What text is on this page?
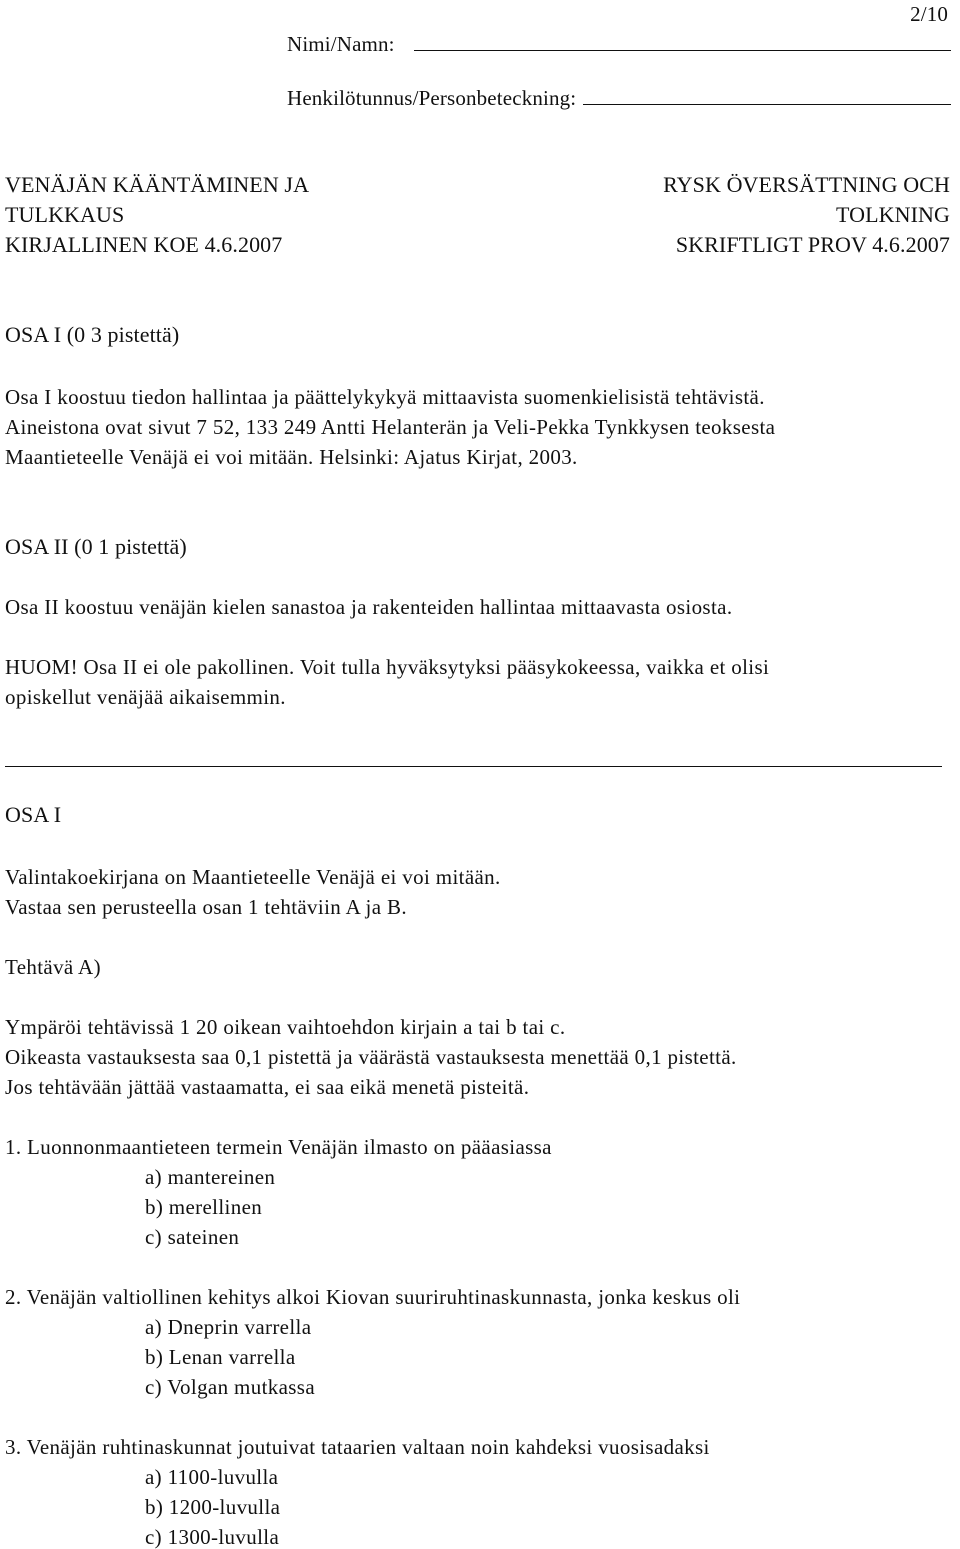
2/10
Nimi/Namn:
Henkilötunnus/Personbeteckning:
VENÄJÄN KÄÄNTÄMINEN JA
TULKKAUS
KIRJALLINEN KOE 4.6.2007
RYSK ÖVERSÄTTNING OCH
TOLKNING
SKRIFTLIGT PROV 4.6.2007
OSA I (0 3 pistettä)
Osa I koostuu tiedon hallintaa ja päättelykykyä mittaavista suomenkielisistä tehtävistä.
Aineistona ovat sivut 7 52, 133 249 Antti Helanterän ja Veli-Pekka Tynkkysen teoksesta
Maantieteelle Venäjä ei voi mitään. Helsinki: Ajatus Kirjat, 2003.
OSA II (0 1 pistettä)
Osa II koostuu venäjän kielen sanastoa ja rakenteiden hallintaa mittaavasta osiosta.
HUOM! Osa II ei ole pakollinen. Voit tulla hyväksytyksi pääsykokeessa, vaikka et olisi
opiskellut venäjää aikaisemmin.
OSA I
Valintakoekirjana on Maantieteelle Venäjä ei voi mitään.
Vastaa sen perusteella osan 1 tehtäviin A ja B.
Tehtävä A)
Ympäröi tehtävissä 1 20 oikean vaihtoehdon kirjain a tai b tai c.
Oikeasta vastauksesta saa 0,1 pistettä ja väärästä vastauksesta menettää 0,1 pistettä.
Jos tehtävään jättää vastaamatta, ei saa eikä menetä pisteitä.
1. Luonnonmaantieteen termein Venäjän ilmasto on pääasiassa
a) mantereinen
b) merellinen
c) sateinen
2. Venäjän valtiollinen kehitys alkoi Kiovan suuriruhtinaskunnasta, jonka keskus oli
a) Dneprin varrella
b) Lenan varrella
c) Volgan mutkassa
3. Venäjän ruhtinaskunnat joutuivat tataarien valtaan noin kahdeksi vuosisadaksi
a) 1100-luvulla
b) 1200-luvulla
c) 1300-luvulla
